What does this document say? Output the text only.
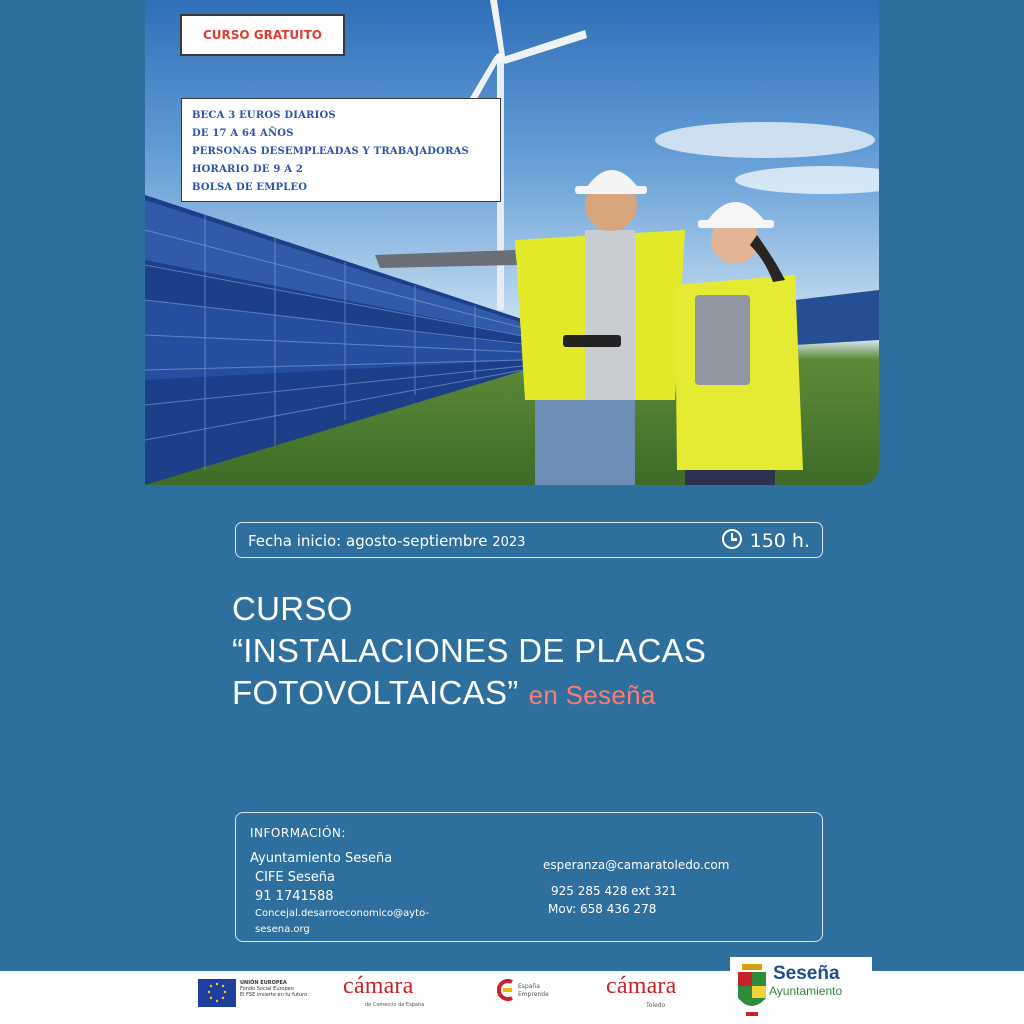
CURSO GRATUITO
BECA 3 EUROS DIARIOS
DE 17 A 64 AÑOS
PERSONAS DESEMPLEADAS Y TRABAJADORAS
HORARIO DE 9 A 2
BOLSA DE EMPLEO
Fecha inicio: agosto-septiembre 2023	150 h.
CURSO
“INSTALACIONES DE PLACAS
FOTOVOLTAICAS” en Seseña
INFORMACIÓN:
Ayuntamiento Seseña
CIFE Seseña
91 1741588
Concejal.desarroeconomico@ayto-
sesena.org
esperanza@camaratoledo.com
925 285 428 ext 321
Mov: 658 436 278
UNIÓN EUROPEA
Fondo Social Europeo
El FSE invierte en tu futuro cámara
de Comercio de España
España
Emprende cámara
Toledo
Seseña
Ayuntamiento
